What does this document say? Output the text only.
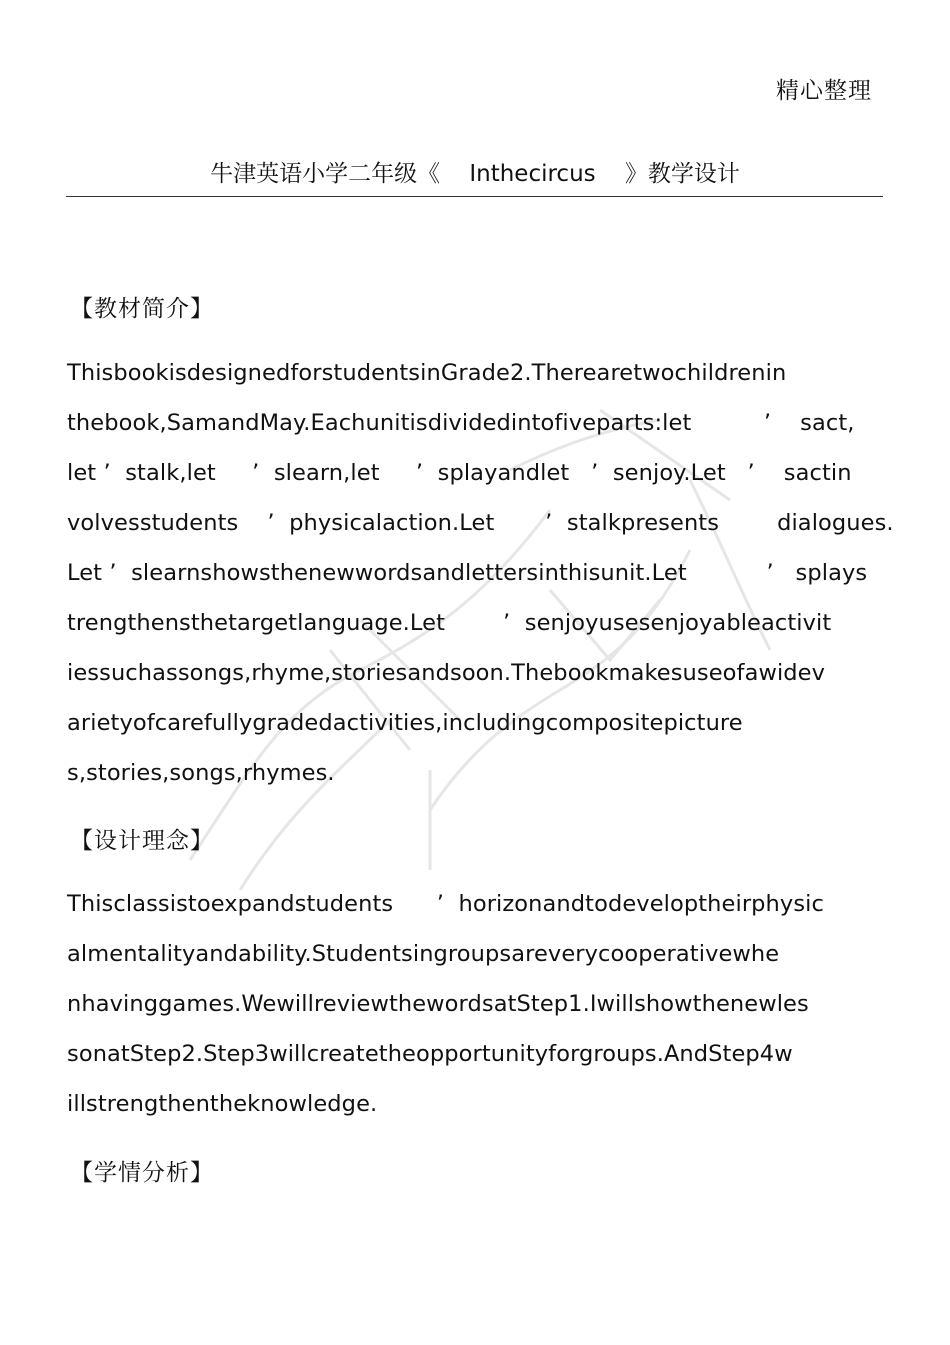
精心整理
牛津英语小学二年级《    Inthecircus    》教学设计
【教材简介】
ThisbookisdesignedforstudentsinGrade2.Therearetwochildrenin
thebook,SamandMay.Eachunitisdividedintofiveparts:let          ’    sact,
let ’  stalk,let     ’  slearn,let     ’  splayandlet   ’  senjoy.Let   ’    sactin
volvesstudents    ’  physicalaction.Let       ’  stalkpresents        dialogues.
Let ’  slearnshowsthenewwordsandlettersinthisunit.Let           ’   splays
trengthensthetargetlanguage.Let        ’  senjoyusesenjoyableactivit
iessuchassongs,rhyme,storiesandsoon.Thebookmakesuseofawidev
arietyofcarefullygradedactivities,includingcompositepicture
s,stories,songs,rhymes.
【设计理念】
Thisclassistoexpandstudents      ’  horizonandtodeveloptheirphysic
almentalityandability.Studentsingroupsareverycooperativewhe
nhavinggames.WewillreviewthewordsatStep1.Iwillshowthenewles
sonatStep2.Step3willcreatetheopportunityforgroups.AndStep4w
illstrengthentheknowledge.
【学情分析】
